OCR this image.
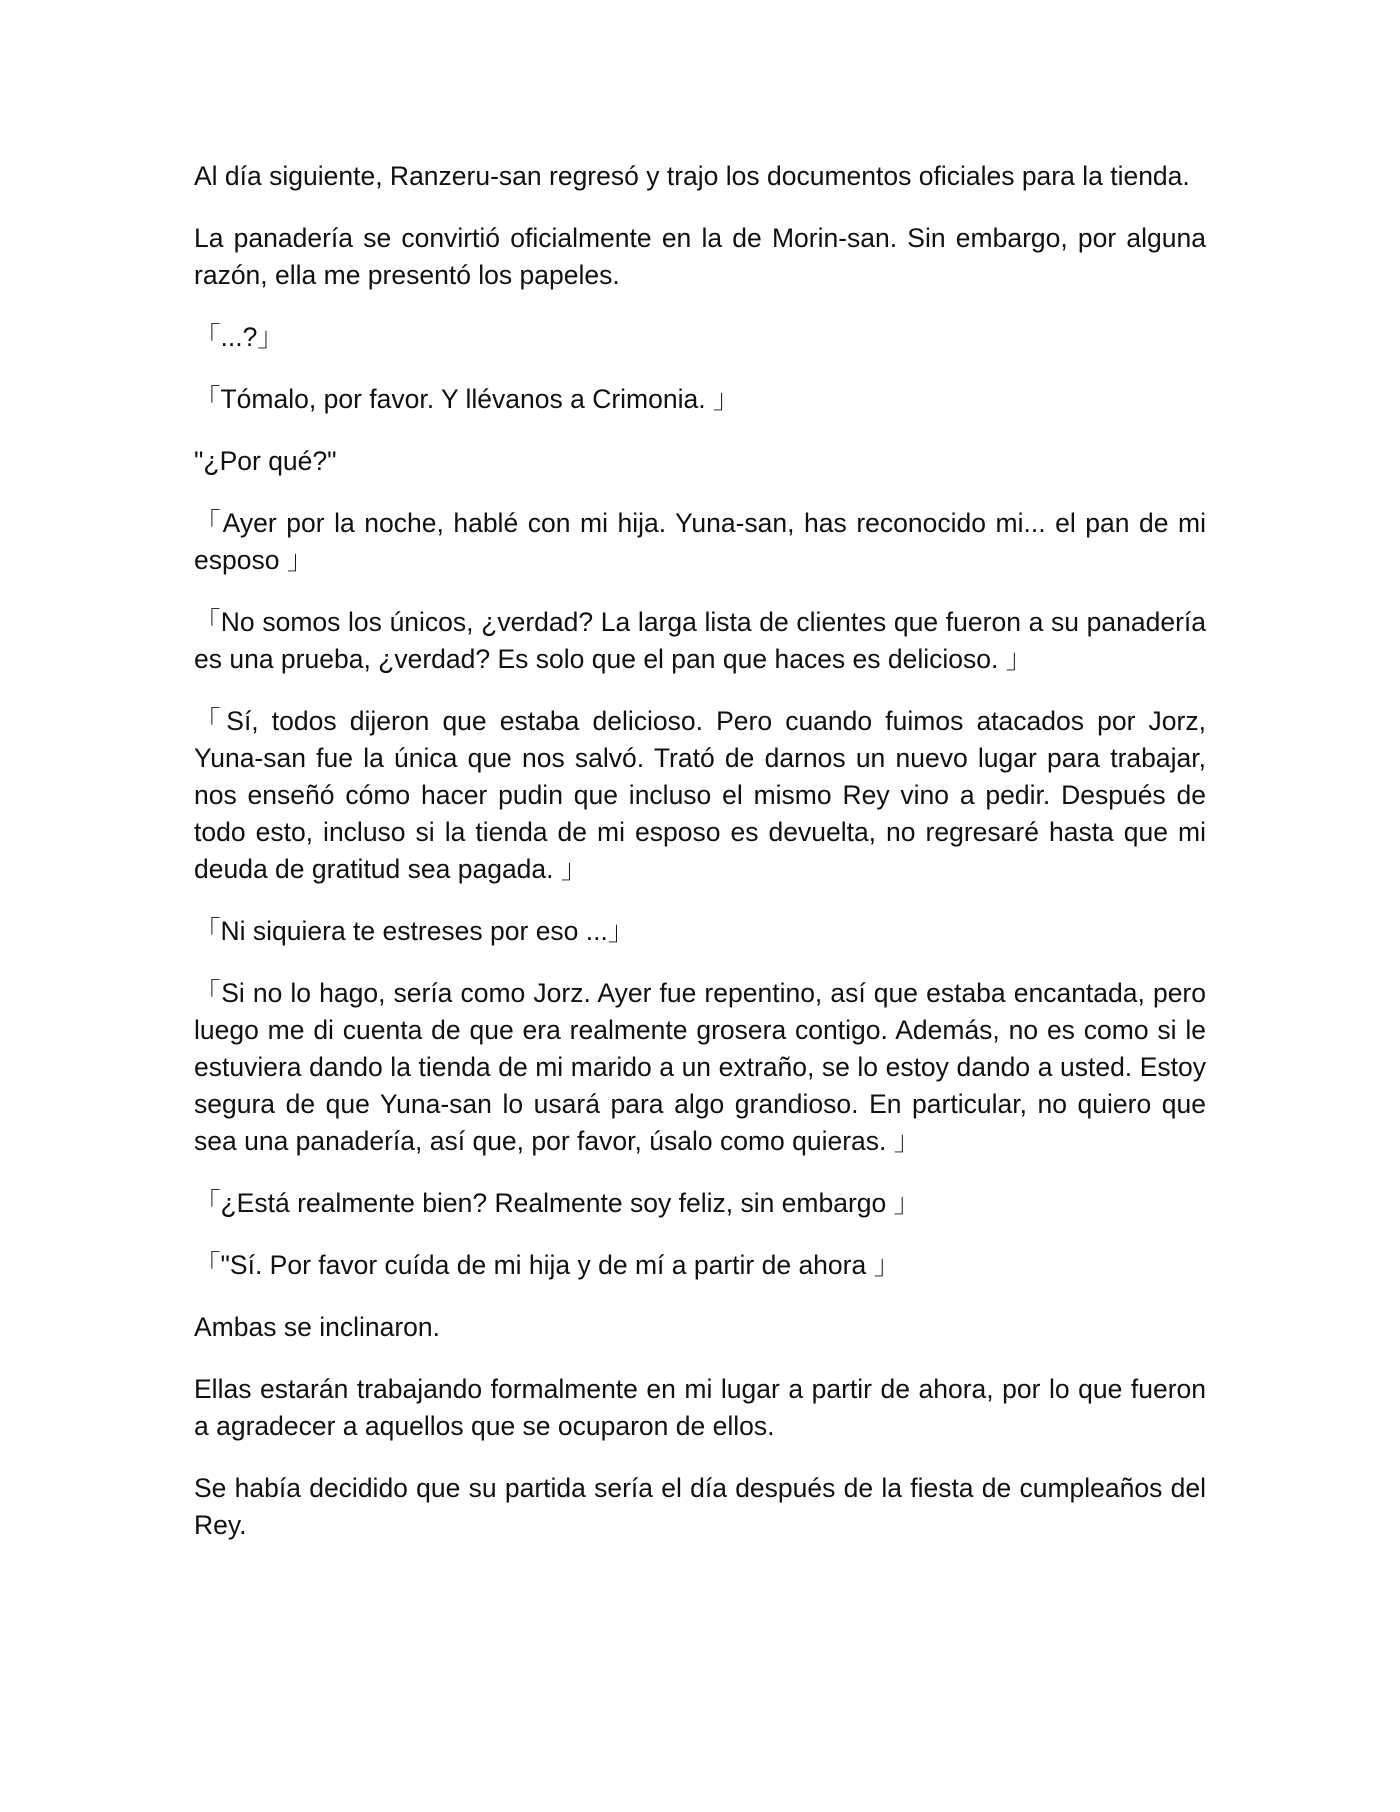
Al día siguiente, Ranzeru-san regresó y trajo los documentos oficiales para la tienda.

La panadería se convirtió oficialmente en la de Morin-san. Sin embargo, por alguna razón, ella me presentó los papeles.

「...?」

「Tómalo, por favor. Y llévanos a Crimonia. 」

"¿Por qué?"

「Ayer por la noche, hablé con mi hija. Yuna-san, has reconocido mi... el pan de mi esposo 」

「No somos los únicos, ¿verdad? La larga lista de clientes que fueron a su panadería es una prueba, ¿verdad? Es solo que el pan que haces es delicioso. 」

「Sí, todos dijeron que estaba delicioso. Pero cuando fuimos atacados por Jorz, Yuna-san fue la única que nos salvó. Trató de darnos un nuevo lugar para trabajar, nos enseñó cómo hacer pudin que incluso el mismo Rey vino a pedir. Después de todo esto, incluso si la tienda de mi esposo es devuelta, no regresaré hasta que mi deuda de gratitud sea pagada. 」

「Ni siquiera te estreses por eso ...」

「Si no lo hago, sería como Jorz. Ayer fue repentino, así que estaba encantada, pero luego me di cuenta de que era realmente grosera contigo. Además, no es como si le estuviera dando la tienda de mi marido a un extraño, se lo estoy dando a usted. Estoy segura de que Yuna-san lo usará para algo grandioso. En particular, no quiero que sea una panadería, así que, por favor, úsalo como quieras. 」

「¿Está realmente bien? Realmente soy feliz, sin embargo 」

「"Sí. Por favor cuída de mi hija y de mí a partir de ahora 」

Ambas se inclinaron.

Ellas estarán trabajando formalmente en mi lugar a partir de ahora, por lo que fueron a agradecer a aquellos que se ocuparon de ellos.

Se había decidido que su partida sería el día después de la fiesta de cumpleaños del Rey.
